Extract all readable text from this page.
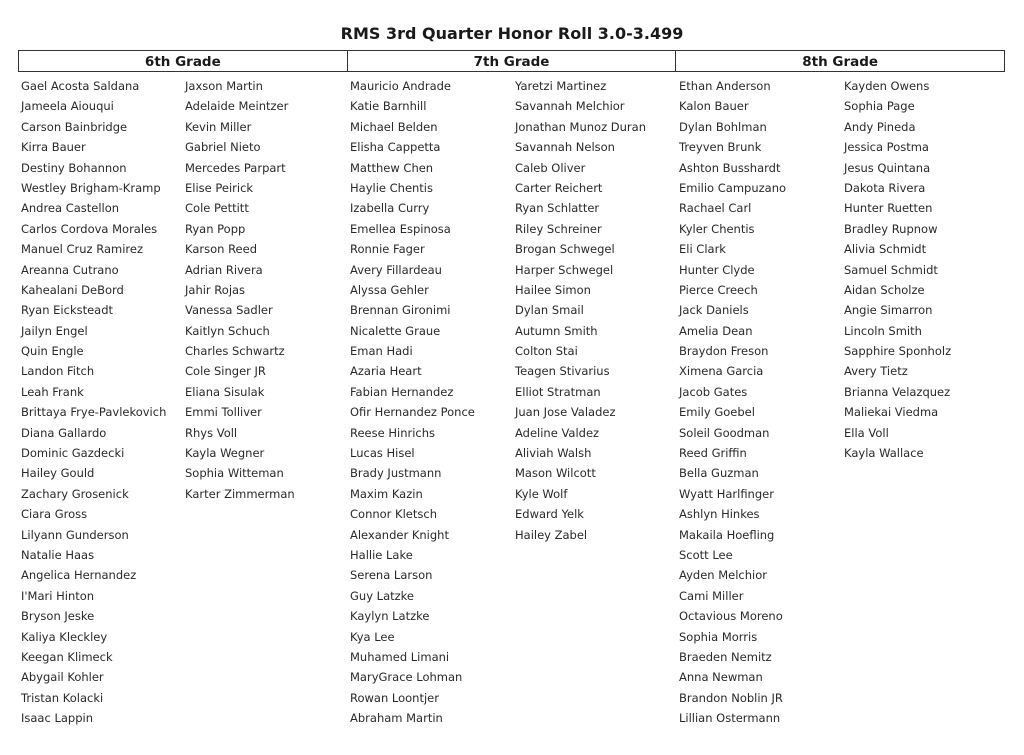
RMS 3rd Quarter Honor Roll 3.0-3.499
6th Grade	7th Grade	8th Grade
Gael Acosta Saldana
Jameela Aiouqui
Carson Bainbridge
Kirra Bauer
Destiny Bohannon
Westley Brigham-Kramp
Andrea Castellon
Carlos Cordova Morales
Manuel Cruz Ramirez
Areanna Cutrano
Kahealani DeBord
Ryan Eicksteadt
Jailyn Engel
Quin Engle
Landon Fitch
Leah Frank
Brittaya Frye-Pavlekovich
Diana Gallardo
Dominic Gazdecki
Hailey Gould
Zachary Grosenick
Ciara Gross
Lilyann Gunderson
Natalie Haas
Angelica Hernandez
I'Mari Hinton
Bryson Jeske
Kaliya Kleckley
Keegan Klimeck
Abygail Kohler
Tristan Kolacki
Isaac Lappin
Jaxson Martin
Adelaide Meintzer
Kevin Miller
Gabriel Nieto
Mercedes Parpart
Elise Peirick
Cole Pettitt
Ryan Popp
Karson Reed
Adrian Rivera
Jahir Rojas
Vanessa Sadler
Kaitlyn Schuch
Charles Schwartz
Cole Singer JR
Eliana Sisulak
Emmi Tolliver
Rhys Voll
Kayla Wegner
Sophia Witteman
Karter Zimmerman
Mauricio Andrade
Katie Barnhill
Michael Belden
Elisha Cappetta
Matthew Chen
Haylie Chentis
Izabella Curry
Emellea Espinosa
Ronnie Fager
Avery Fillardeau
Alyssa Gehler
Brennan Gironimi
Nicalette Graue
Eman Hadi
Azaria Heart
Fabian Hernandez
Ofir Hernandez Ponce
Reese Hinrichs
Lucas Hisel
Brady Justmann
Maxim Kazin
Connor Kletsch
Alexander Knight
Hallie Lake
Serena Larson
Guy Latzke
Kaylyn Latzke
Kya Lee
Muhamed Limani
MaryGrace Lohman
Rowan Loontjer
Abraham Martin
Yaretzi Martinez
Savannah Melchior
Jonathan Munoz Duran
Savannah Nelson
Caleb Oliver
Carter Reichert
Ryan Schlatter
Riley Schreiner
Brogan Schwegel
Harper Schwegel
Hailee Simon
Dylan Smail
Autumn Smith
Colton Stai
Teagen Stivarius
Elliot Stratman
Juan Jose Valadez
Adeline Valdez
Aliviah Walsh
Mason Wilcott
Kyle Wolf
Edward Yelk
Hailey Zabel
Ethan Anderson
Kalon Bauer
Dylan Bohlman
Treyven Brunk
Ashton Busshardt
Emilio Campuzano
Rachael Carl
Kyler Chentis
Eli Clark
Hunter Clyde
Pierce Creech
Jack Daniels
Amelia Dean
Braydon Freson
Ximena Garcia
Jacob Gates
Emily Goebel
Soleil Goodman
Reed Griffin
Bella Guzman
Wyatt Harlfinger
Ashlyn Hinkes
Makaila Hoefling
Scott Lee
Ayden Melchior
Cami Miller
Octavious Moreno
Sophia Morris
Braeden Nemitz
Anna Newman
Brandon Noblin JR
Lillian Ostermann
Kayden Owens
Sophia Page
Andy Pineda
Jessica Postma
Jesus Quintana
Dakota Rivera
Hunter Ruetten
Bradley Rupnow
Alivia Schmidt
Samuel Schmidt
Aidan Scholze
Angie Simarron
Lincoln Smith
Sapphire Sponholz
Avery Tietz
Brianna Velazquez
Maliekai Viedma
Ella Voll
Kayla Wallace
